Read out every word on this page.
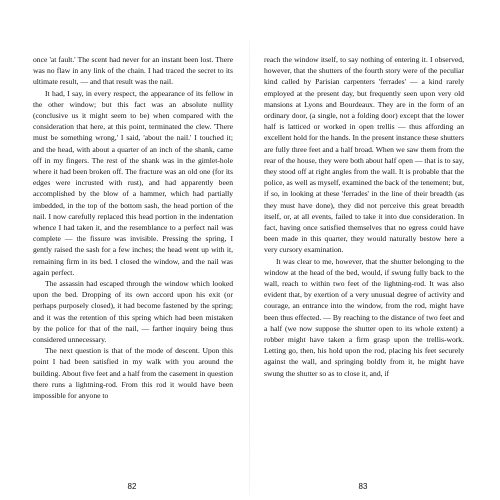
once 'at fault.' The scent had never for an instant been lost. There was no flaw in any link of the chain. I had traced the secret to its ultimate result, — and that result was the nail.

It had, I say, in every respect, the appearance of its fellow in the other window; but this fact was an absolute nullity (conclusive us it might seem to be) when compared with the consideration that here, at this point, terminated the clew. 'There must be something wrong,' I said, 'about the nail.' I touched it; and the head, with about a quarter of an inch of the shank, came off in my fingers. The rest of the shank was in the gimlet-hole where it had been broken off. The fracture was an old one (for its edges were incrusted with rust), and had apparently been accomplished by the blow of a hammer, which had partially imbedded, in the top of the bottom sash, the head portion of the nail. I now carefully replaced this head portion in the indentation whence I had taken it, and the resemblance to a perfect nail was complete — the fissure was invisible. Pressing the spring, I gently raised the sash for a few inches; the head went up with it, remaining firm in its bed. I closed the window, and the nail was again perfect.

The assassin had escaped through the window which looked upon the bed. Dropping of its own accord upon his exit (or perhaps purposely closed), it had become fastened by the spring; and it was the retention of this spring which had been mistaken by the police for that of the nail, — farther inquiry being thus considered unnecessary.

The next question is that of the mode of descent. Upon this point I had been satisfied in my walk with you around the building. About five feet and a half from the casement in question there runs a lightning-rod. From this rod it would have been impossible for anyone to

reach the window itself, to say nothing of entering it. I observed, however, that the shutters of the fourth story were of the peculiar kind called by Parisian carpenters 'ferrades' — a kind rarely employed at the present day, but frequently seen upon very old mansions at Lyons and Bourdeaux. They are in the form of an ordinary door, (a single, not a folding door) except that the lower half is latticed or worked in open trellis — thus affording an excellent hold for the hands. In the present instance these shutters are fully three feet and a half broad. When we saw them from the rear of the house, they were both about half open — that is to say, they stood off at right angles from the wall. It is probable that the police, as well as myself, examined the back of the tenement; but, if so, in looking at these 'ferrades' in the line of their breadth (as they must have done), they did not perceive this great breadth itself, or, at all events, failed to take it into due consideration. In fact, having once satisfied themselves that no egress could have been made in this quarter, they would naturally bestow here a very cursory examination.

It was clear to me, however, that the shutter belonging to the window at the head of the bed, would, if swung fully back to the wall, reach to within two feet of the lightning-rod. It was also evident that, by exertion of a very unusual degree of activity and courage, an entrance into the window, from the rod, might have been thus effected. — By reaching to the distance of two feet and a half (we now suppose the shutter open to its whole extent) a robber might have taken a firm grasp upon the trellis-work. Letting go, then, his hold upon the rod, placing his feet securely against the wall, and springing boldly from it, he might have swung the shutter so as to close it, and, if

82	83
